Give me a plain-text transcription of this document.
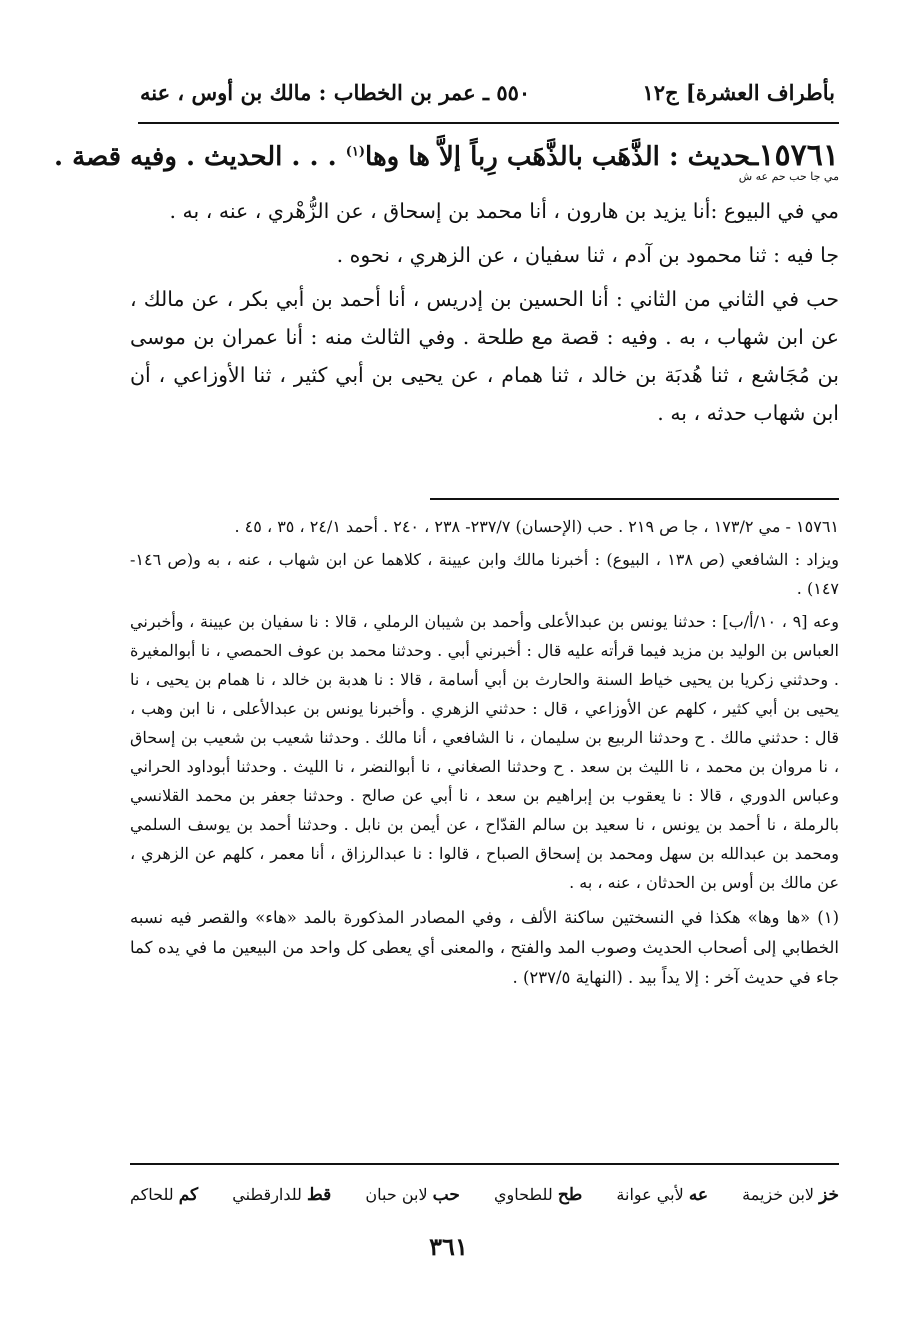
بأطراف العشرة] ج١٢
٥٥٠ ـ عمر بن الخطاب : مالك بن أوس ، عنه
١٥٧٦١ـحديث : الذَّهَب بالذَّهَب رِباً إلاَّ ها وها$^{(١)}$ . . . الحديث . وفيه قصة .
مي جا حب حم عه ش

مي في البيوع :أنا يزيد بن هارون ، أنا محمد بن إسحاق ، عن الزُّهْري ، عنه ، به .

جا فيه : ثنا محمود بن آدم ، ثنا سفيان ، عن الزهري ، نحوه .

حب في الثاني من الثاني : أنا الحسين بن إدريس ، أنا أحمد بن أبي بكر ، عن مالك ، عن ابن شهاب ، به . وفيه : قصة مع طلحة . وفي الثالث منه : أنا عمران بن موسى بن مُجَاشع ، ثنا هُدبَة بن خالد ، ثنا همام ، عن يحيى بن أبي كثير ، ثنا الأوزاعي ، أن ابن شهاب حدثه ، به .

١٥٧٦١ - مي ١٧٣/٢ ، جا ص ٢١٩ . حب (الإحسان) ٢٣٧/٧- ٢٣٨ ، ٢٤٠ . أحمد ٢٤/١ ، ٣٥ ، ٤٥ .

ويزاد : الشافعي (ص ١٣٨ ، البيوع) : أخبرنا مالك وابن عيينة ، كلاهما عن ابن شهاب ، عنه ، به و(ص ١٤٦- ١٤٧) .

وعه [٩ ، ١٠/أ/ب] : حدثنا يونس بن عبدالأعلى وأحمد بن شيبان الرملي ، قالا : نا سفيان بن عيينة ، وأخبرني العباس بن الوليد بن مزيد فيما قرأته عليه قال : أخبرني أبي . وحدثنا محمد بن عوف الحمصي ، نا أبوالمغيرة . وحدثني زكريا بن يحيى خياط السنة والحارث بن أبي أسامة ، قالا : نا هدبة بن خالد ، نا همام بن يحيى ، نا يحيى بن أبي كثير ، كلهم عن الأوزاعي ، قال : حدثني الزهري . وأخبرنا يونس بن عبدالأعلى ، نا ابن وهب ، قال : حدثني مالك . ح وحدثنا الربيع بن سليمان ، نا الشافعي ، أنا مالك . وحدثنا شعيب بن شعيب بن إسحاق ، نا مروان بن محمد ، نا الليث بن سعد . ح وحدثنا الصغاني ، نا أبوالنضر ، نا الليث . وحدثنا أبوداود الحراني وعباس الدوري ، قالا : نا يعقوب بن إبراهيم بن سعد ، نا أبي عن صالح . وحدثنا جعفر بن محمد القلانسي بالرملة ، نا أحمد بن يونس ، نا سعيد بن سالم القدّاح ، عن أيمن بن نابل . وحدثنا أحمد بن يوسف السلمي ومحمد بن عبدالله بن سهل ومحمد بن إسحاق الصباح ، قالوا : نا عبدالرزاق ، أنا معمر ، كلهم عن الزهري ، عن مالك بن أوس بن الحدثان ، عنه ، به .

(١) «ها وها» هكذا في النسختين ساكنة الألف ، وفي المصادر المذكورة بالمد «هاء» والقصر فيه نسبه الخطابي إلى أصحاب الحديث وصوب المد والفتح ، والمعنى أي يعطى كل واحد من البيعين ما في يده كما جاء في حديث آخر : إلا يداً بيد . (النهاية ٢٣٧/٥) .

خز لابن خزيمة
عه لأبي عوانة
طح للطحاوي
حب لابن حبان
قط للدارقطني
كم للحاكم
٣٦١
